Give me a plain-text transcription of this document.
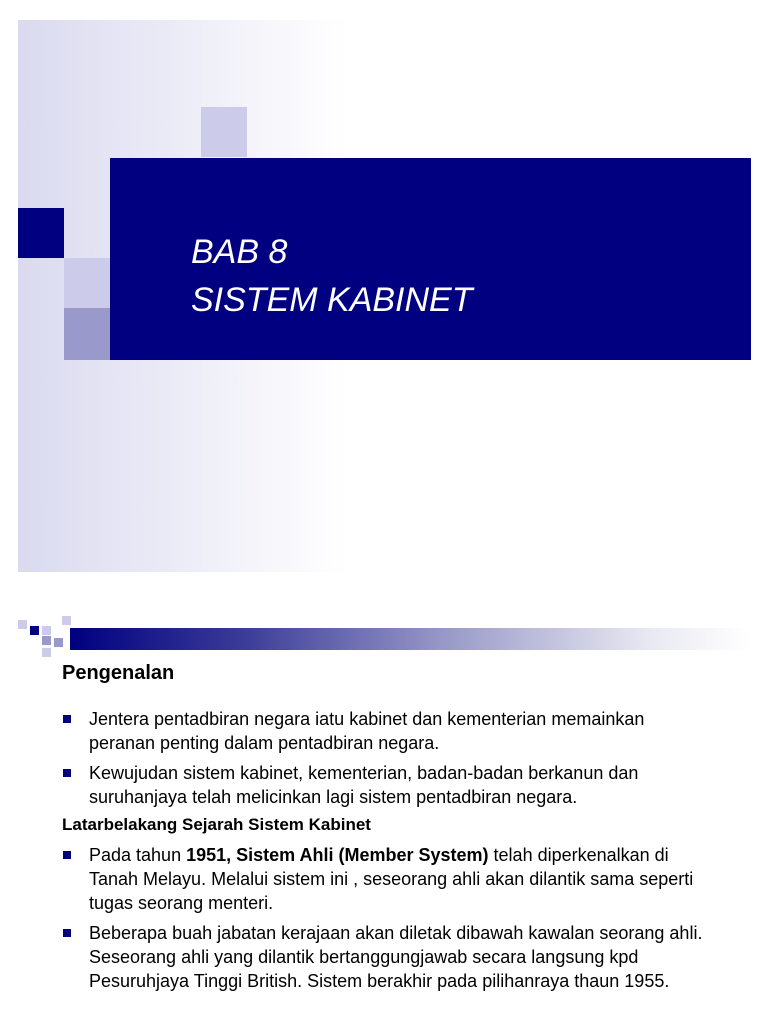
BAB 8
SISTEM KABINET
Pengenalan
Jentera pentadbiran negara iatu kabinet dan kementerian memainkan peranan penting dalam pentadbiran negara.
Kewujudan sistem kabinet, kementerian, badan-badan berkanun dan suruhanjaya telah melicinkan lagi sistem pentadbiran negara.
Latarbelakang Sejarah Sistem Kabinet
Pada tahun 1951, Sistem Ahli (Member System) telah diperkenalkan di Tanah Melayu. Melalui sistem ini , seseorang ahli akan dilantik sama seperti tugas seorang menteri.
Beberapa buah jabatan kerajaan akan diletak dibawah kawalan seorang ahli. Seseorang ahli yang dilantik bertanggungjawab secara langsung kpd Pesuruhjaya Tinggi British. Sistem berakhir pada pilihanraya thaun 1955.
